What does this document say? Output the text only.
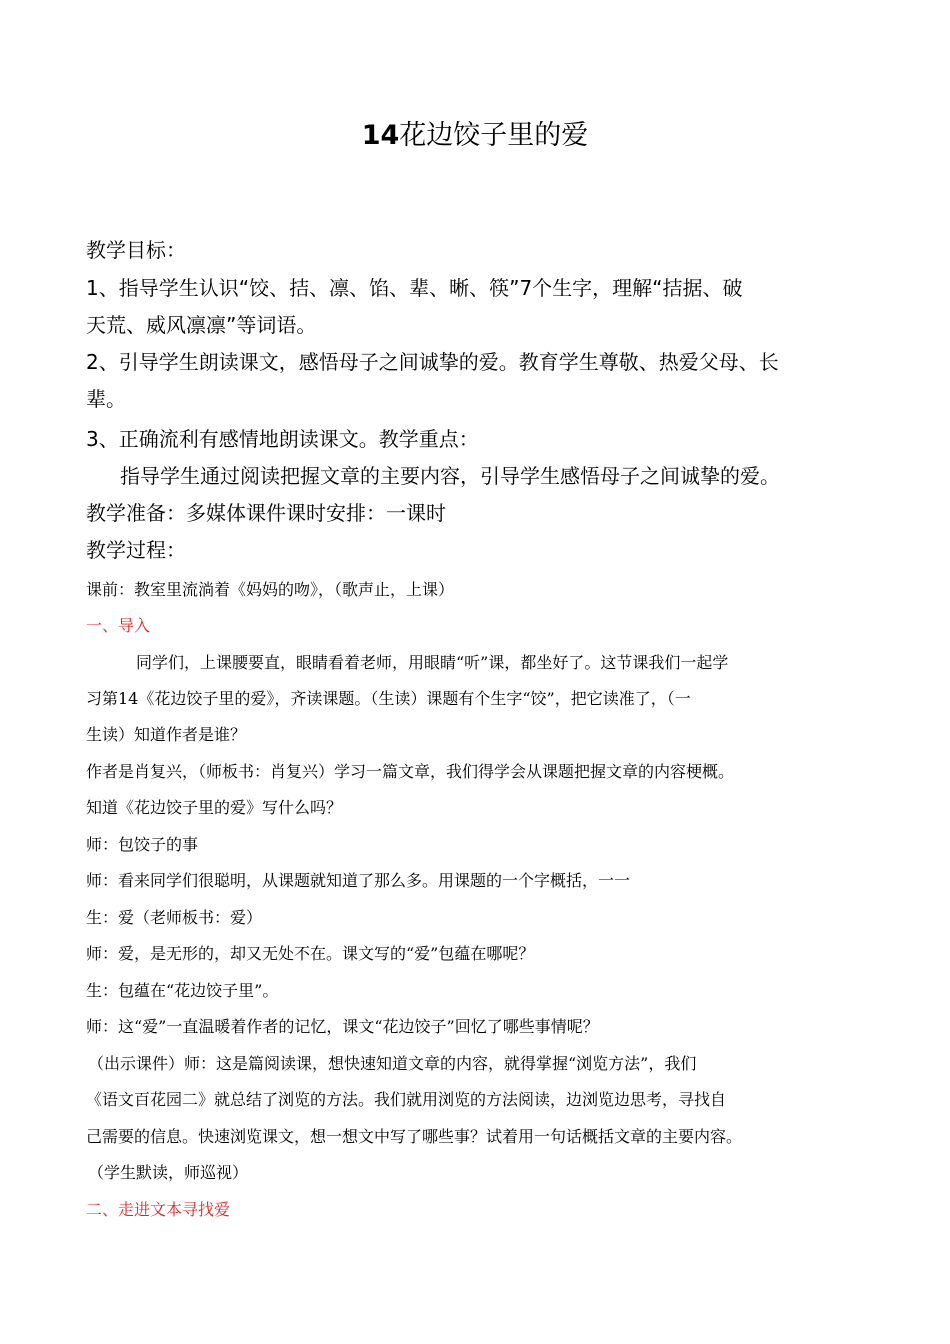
14花边饺子里的爱
教学目标：
1、指导学生认识“饺、拮、凛、馅、辈、晰、筷”7个生字，理解“拮据、破
天荒、威风凛凛”等词语。
2、引导学生朗读课文，感悟母子之间诚挚的爱。教育学生尊敬、热爱父母、长
辈。
3、正确流利有感情地朗读课文。教学重点：
指导学生通过阅读把握文章的主要内容，引导学生感悟母子之间诚挚的爱。
教学准备：多媒体课件课时安排：一课时
教学过程：
课前：教室里流淌着《妈妈的吻》，（歌声止，上课）
一、导入
同学们，上课腰要直，眼睛看着老师，用眼睛“听”课，都坐好了。这节课我们一起学
习第14《花边饺子里的爱》，齐读课题。（生读）课题有个生字“饺”，把它读准了，（一
生读）知道作者是谁？
作者是肖复兴，（师板书：肖复兴）学习一篇文章，我们得学会从课题把握文章的内容梗概。
知道《花边饺子里的爱》写什么吗？
师：包饺子的事
师：看来同学们很聪明，从课题就知道了那么多。用课题的一个字概括，一一
生：爱（老师板书：爱）
师：爱，是无形的，却又无处不在。课文写的“爱”包蕴在哪呢？
生：包蕴在“花边饺子里”。
师：这“爱”一直温暖着作者的记忆，课文“花边饺子”回忆了哪些事情呢？
（出示课件）师：这是篇阅读课，想快速知道文章的内容，就得掌握“浏览方法”，我们
《语文百花园二》就总结了浏览的方法。我们就用浏览的方法阅读，边浏览边思考，寻找自
己需要的信息。快速浏览课文，想一想文中写了哪些事？试着用一句话概括文章的主要内容。
（学生默读，师巡视）
二、走进文本寻找爱
